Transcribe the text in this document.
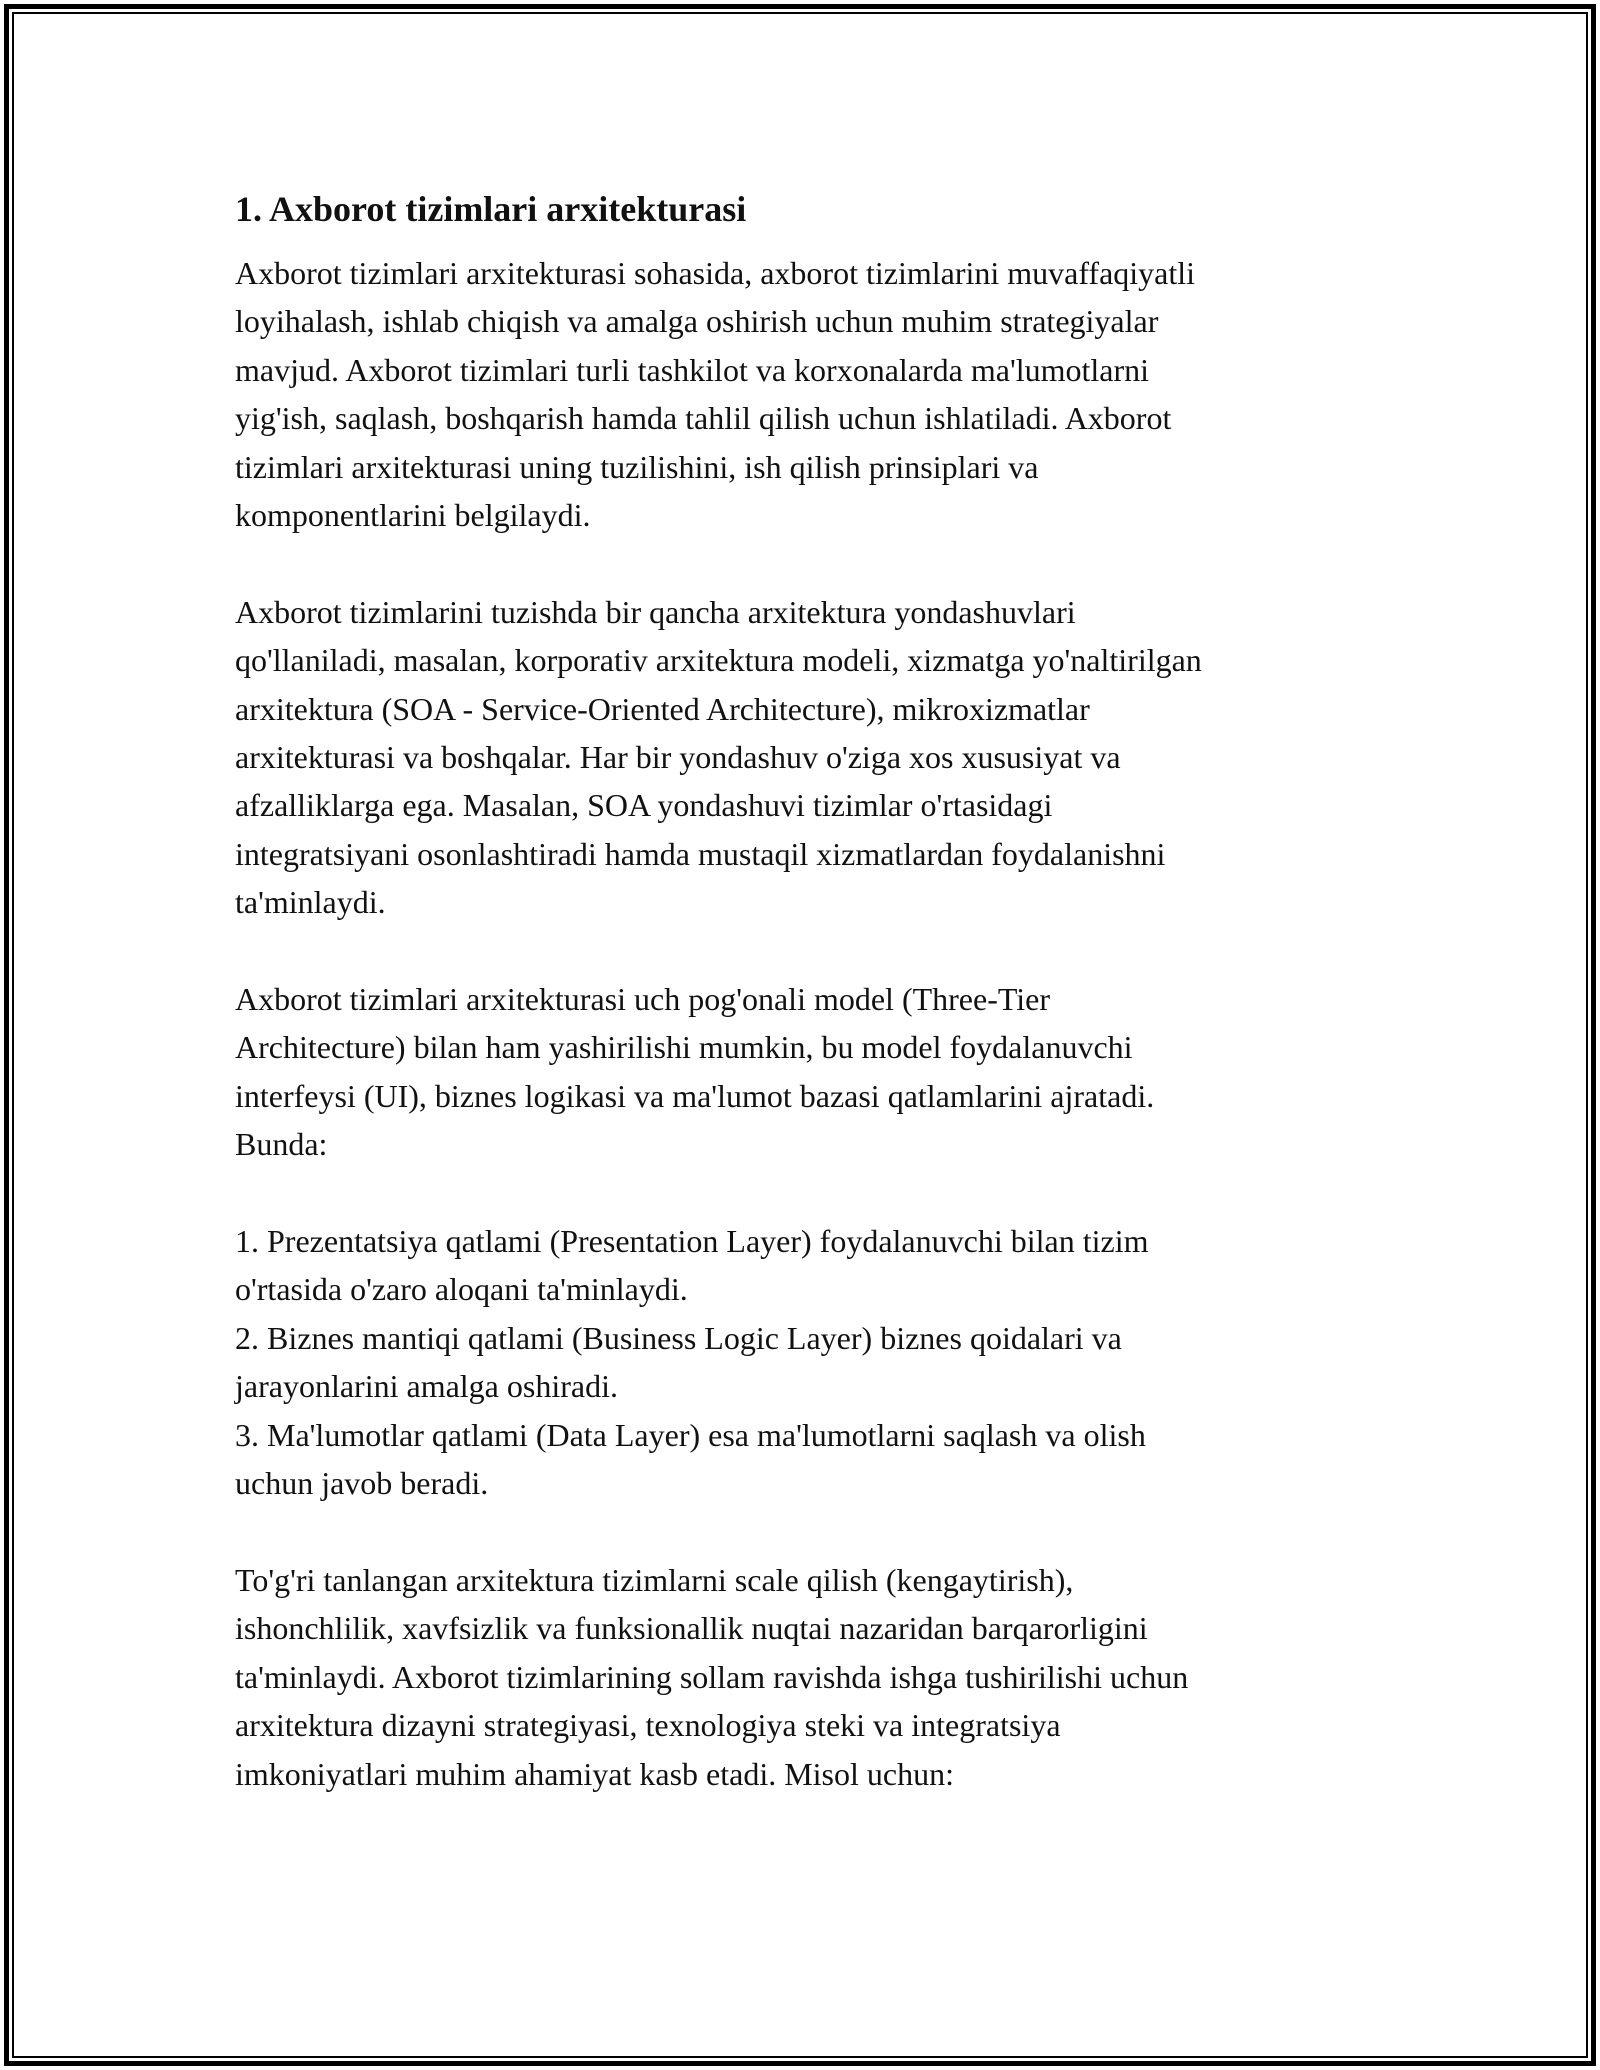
1. Axborot tizimlari arxitekturasi

Axborot tizimlari arxitekturasi sohasida, axborot tizimlarini muvaffaqiyatli
loyihalash, ishlab chiqish va amalga oshirish uchun muhim strategiyalar
mavjud. Axborot tizimlari turli tashkilot va korxonalarda ma'lumotlarni
yig'ish, saqlash, boshqarish hamda tahlil qilish uchun ishlatiladi. Axborot
tizimlari arxitekturasi uning tuzilishini, ish qilish prinsiplari va
komponentlarini belgilaydi.

Axborot tizimlarini tuzishda bir qancha arxitektura yondashuvlari
qo'llaniladi, masalan, korporativ arxitektura modeli, xizmatga yo'naltirilgan
arxitektura (SOA - Service-Oriented Architecture), mikroxizmatlar
arxitekturasi va boshqalar. Har bir yondashuv o'ziga xos xususiyat va
afzalliklarga ega. Masalan, SOA yondashuvi tizimlar o'rtasidagi
integratsiyani osonlashtiradi hamda mustaqil xizmatlardan foydalanishni
ta'minlaydi.

Axborot tizimlari arxitekturasi uch pog'onali model (Three-Tier
Architecture) bilan ham yashirilishi mumkin, bu model foydalanuvchi
interfeysi (UI), biznes logikasi va ma'lumot bazasi qatlamlarini ajratadi.
Bunda:

1. Prezentatsiya qatlami (Presentation Layer) foydalanuvchi bilan tizim
o'rtasida o'zaro aloqani ta'minlaydi.
2. Biznes mantiqi qatlami (Business Logic Layer) biznes qoidalari va
jarayonlarini amalga oshiradi.
3. Ma'lumotlar qatlami (Data Layer) esa ma'lumotlarni saqlash va olish
uchun javob beradi.

To'g'ri tanlangan arxitektura tizimlarni scale qilish (kengaytirish),
ishonchlilik, xavfsizlik va funksionallik nuqtai nazaridan barqarorligini
ta'minlaydi. Axborot tizimlarining sollam ravishda ishga tushirilishi uchun
arxitektura dizayni strategiyasi, texnologiya steki va integratsiya
imkoniyatlari muhim ahamiyat kasb etadi. Misol uchun:
